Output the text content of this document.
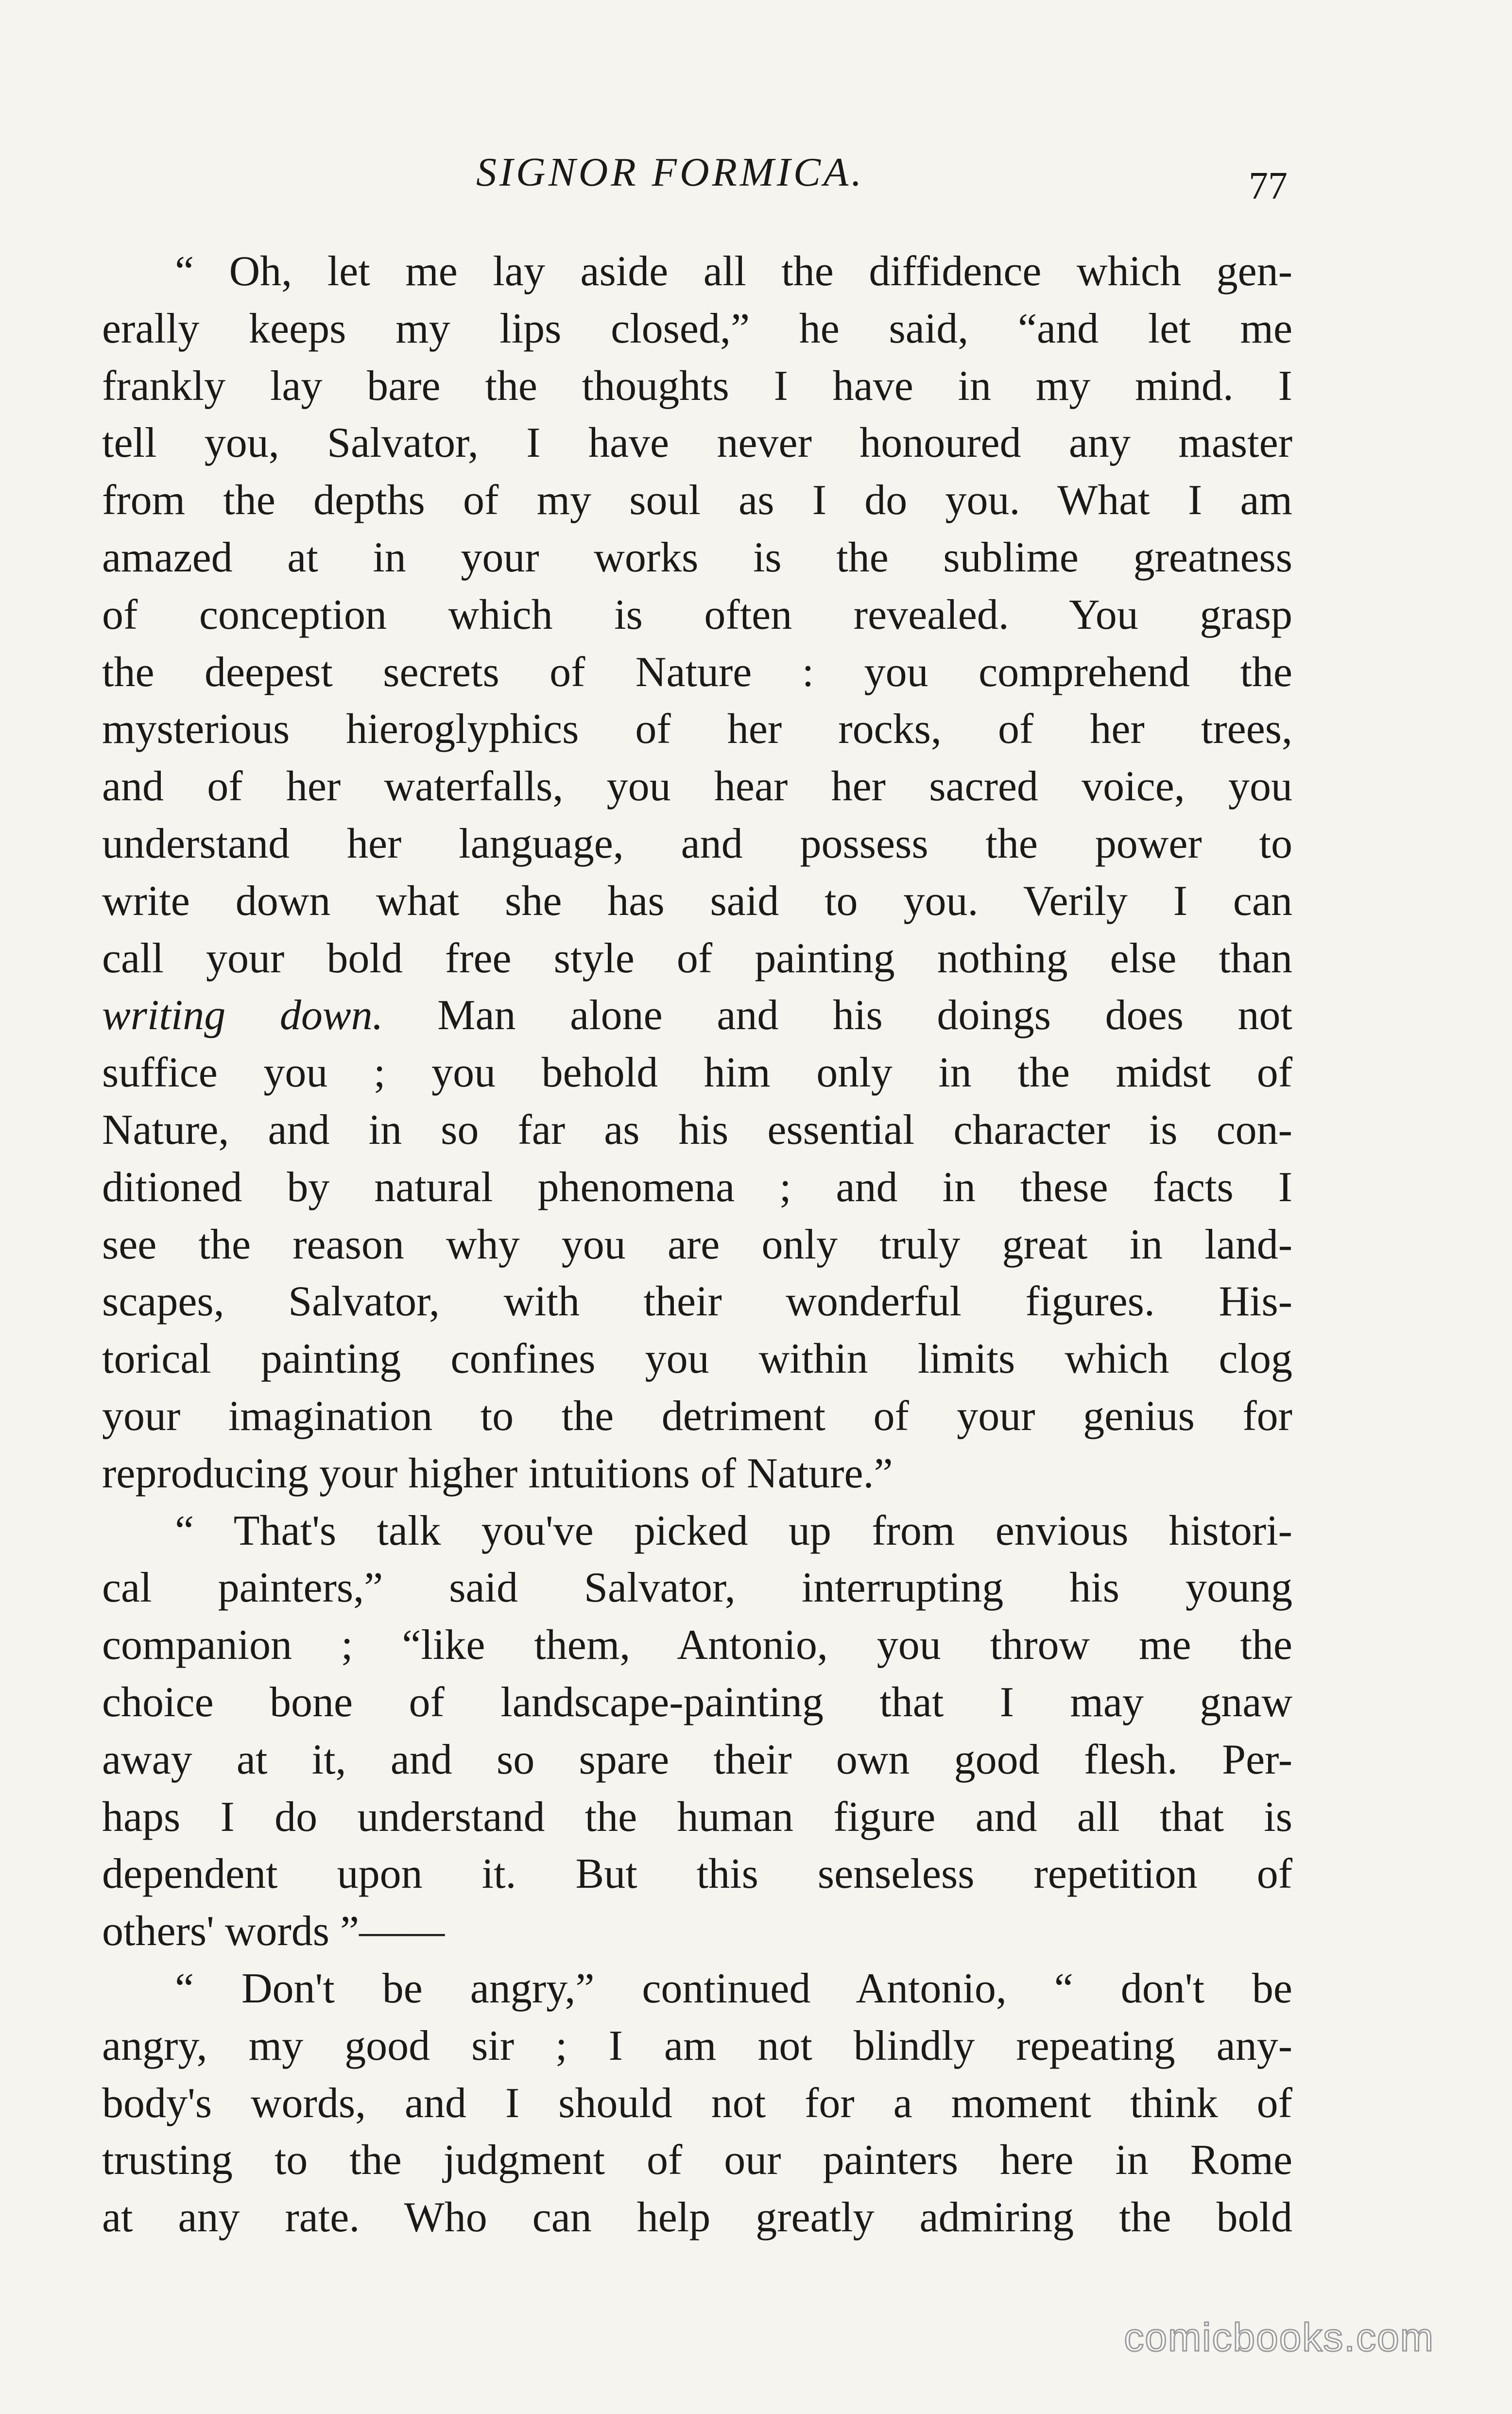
SIGNOR FORMICA.	77
“ Oh, let me lay aside all the diffidence which gen-
erally keeps my lips closed,” he said, “and let me
frankly lay bare the thoughts I have in my mind. I
tell you, Salvator, I have never honoured any master
from the depths of my soul as I do you. What I am
amazed at in your works is the sublime greatness
of conception which is often revealed. You grasp
the deepest secrets of Nature : you comprehend the
mysterious hieroglyphics of her rocks, of her trees,
and of her waterfalls, you hear her sacred voice, you
understand her language, and possess the power to
write down what she has said to you. Verily I can
call your bold free style of painting nothing else than
writing down. Man alone and his doings does not
suffice you ; you behold him only in the midst of
Nature, and in so far as his essential character is con-
ditioned by natural phenomena ; and in these facts I
see the reason why you are only truly great in land-
scapes, Salvator, with their wonderful figures. His-
torical painting confines you within limits which clog
your imagination to the detriment of your genius for
reproducing your higher intuitions of Nature.”
“ That's talk you've picked up from envious histori-
cal painters,” said Salvator, interrupting his young
companion ; “like them, Antonio, you throw me the
choice bone of landscape-painting that I may gnaw
away at it, and so spare their own good flesh. Per-
haps I do understand the human figure and all that is
dependent upon it. But this senseless repetition of
others' words ”——
“ Don't be angry,” continued Antonio, “ don't be
angry, my good sir ; I am not blindly repeating any-
body's words, and I should not for a moment think of
trusting to the judgment of our painters here in Rome
at any rate. Who can help greatly admiring the bold
comicbooks.com
